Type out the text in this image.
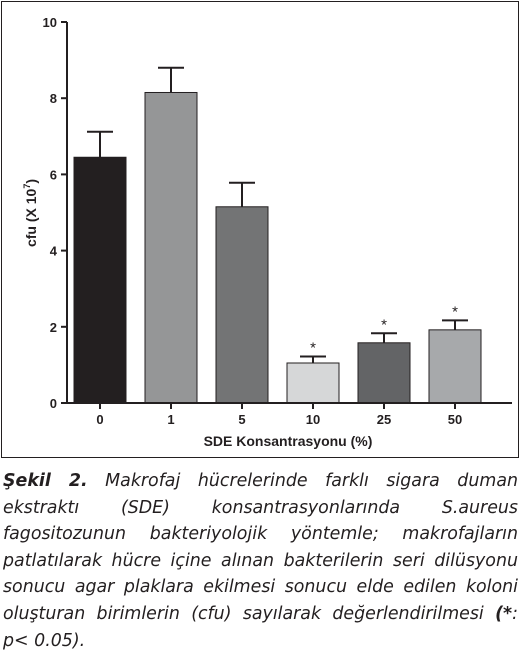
0
2
4
6
8
10
*
*
*
0	1	5	10	25	50
cfu (X $10^7$)
SDE Konsantrasyonu (%)
Şekil 2. Makrofaj hücrelerinde farklı sigara duman ekstraktı (SDE) konsantrasyonlarında S.aureus fagositozunun bakteriyolojik yöntemle; makrofajların patlatılarak hücre içine alınan bakterilerin seri dilüsyonu sonucu agar plaklara ekilmesi sonucu elde edilen koloni oluşturan birimlerin (cfu) sayılarak değerlendirilmesi (*: p< 0.05).
